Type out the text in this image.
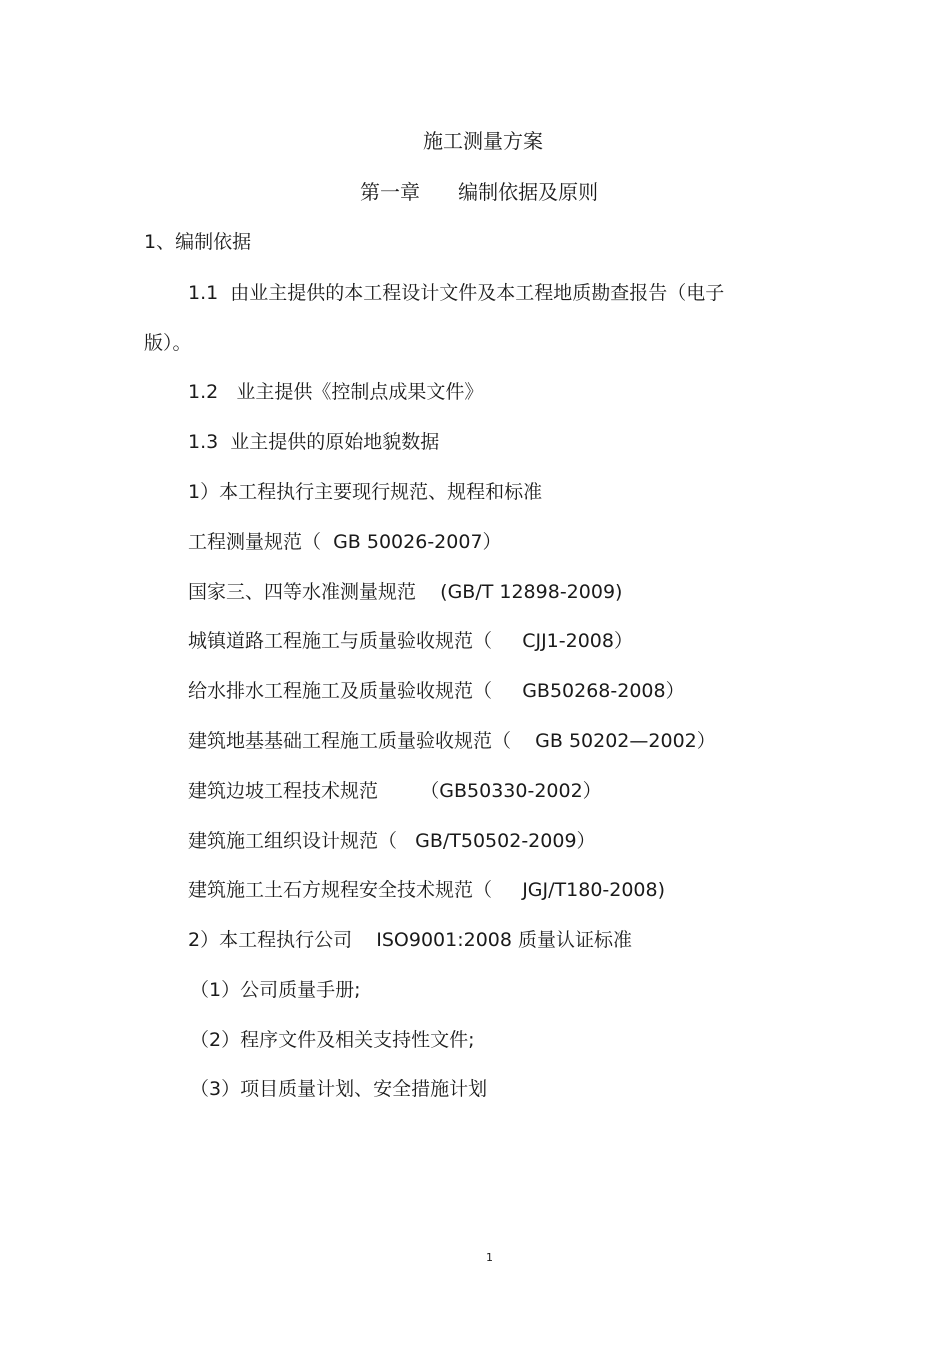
施工测量方案
第一章      编制依据及原则
1、编制依据
1.1  由业主提供的本工程设计文件及本工程地质勘查报告（电子
版）。
1.2   业主提供《控制点成果文件》
1.3  业主提供的原始地貌数据
1）本工程执行主要现行规范、规程和标准
工程测量规范（  GB 50026-2007）
国家三、四等水准测量规范    (GB/T 12898-2009)
城镇道路工程施工与质量验收规范（     CJJ1-2008）
给水排水工程施工及质量验收规范（     GB50268-2008）
建筑地基基础工程施工质量验收规范（    GB 50202—2002）
建筑边坡工程技术规范       （GB50330-2002）
建筑施工组织设计规范（   GB/T50502-2009）
建筑施工土石方规程安全技术规范（     JGJ/T180-2008)
2）本工程执行公司    ISO9001:2008 质量认证标准
（1）公司质量手册;
（2）程序文件及相关支持性文件;
（3）项目质量计划、安全措施计划
1
